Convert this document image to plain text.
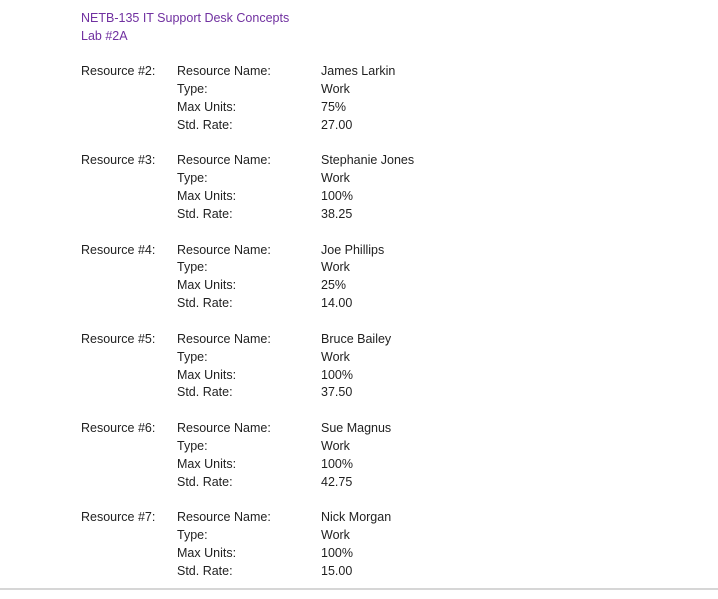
NETB-135 IT Support Desk Concepts
Lab #2A
Resource #2: Resource Name:	James Larkin
Type:	Work
Max Units:	75%
Std. Rate:	27.00
Resource #3: Resource Name:	Stephanie Jones
Type:	Work
Max Units:	100%
Std. Rate:	38.25
Resource #4: Resource Name:	Joe Phillips
Type:	Work
Max Units:	25%
Std. Rate:	14.00
Resource #5: Resource Name:	Bruce Bailey
Type:	Work
Max Units:	100%
Std. Rate:	37.50
Resource #6: Resource Name:	Sue Magnus
Type:	Work
Max Units:	100%
Std. Rate:	42.75
Resource #7: Resource Name:	Nick Morgan
Type:	Work
Max Units:	100%
Std. Rate:	15.00
